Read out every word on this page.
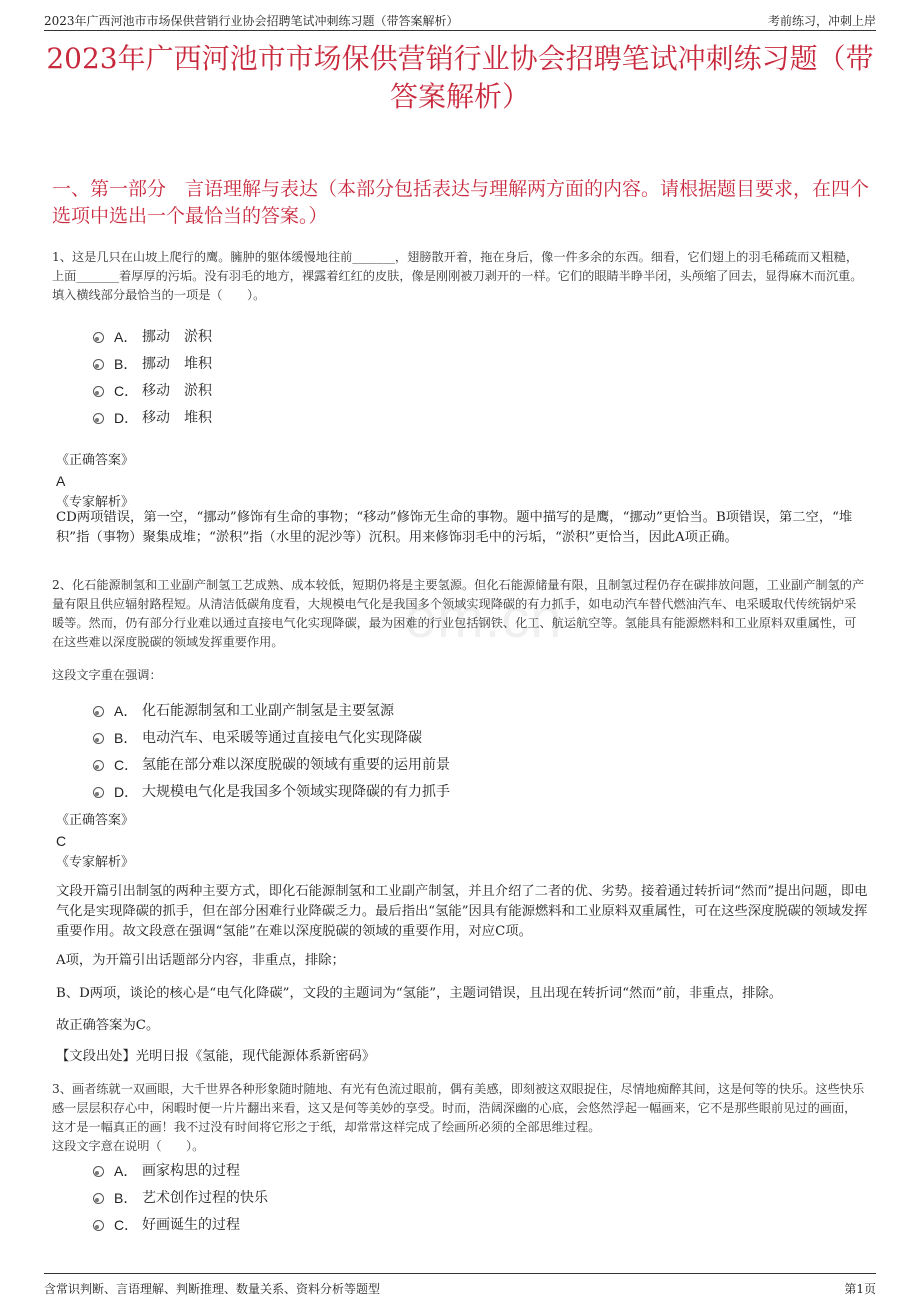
2023年广西河池市市场保供营销行业协会招聘笔试冲刺练习题（带答案解析）	考前练习，冲刺上岸
om.cn
2023年广西河池市市场保供营销行业协会招聘笔试冲刺练习题（带答案解析）
一、第一部分　言语理解与表达（本部分包括表达与理解两方面的内容。请根据题目要求，在四个选项中选出一个最恰当的答案。）

1、这是几只在山坡上爬行的鹰。臃肿的躯体缓慢地往前_______，翅膀散开着，拖在身后，像一件多余的东西。细看，它们翅上的羽毛稀疏而又粗糙，上面_______着厚厚的污垢。没有羽毛的地方，裸露着红红的皮肤，像是刚刚被刀剥开的一样。它们的眼睛半睁半闭，头颅缩了回去，显得麻木而沉重。

填入横线部分最恰当的一项是（　　）。

A． 挪动　淤积
B． 挪动　堆积
C． 移动　淤积
D． 移动　堆积
《正确答案》
A
《专家解析》
CD两项错误，第一空，“挪动”修饰有生命的事物；“移动”修饰无生命的事物。题中描写的是鹰，“挪动”更恰当。B项错误，第二空，“堆积”指（事物）聚集成堆；“淤积”指（水里的泥沙等）沉积。用来修饰羽毛中的污垢，“淤积”更恰当，因此A项正确。

2、化石能源制氢和工业副产制氢工艺成熟、成本较低，短期仍将是主要氢源。但化石能源储量有限，且制氢过程仍存在碳排放问题，工业副产制氢的产量有限且供应辐射路程短。从清洁低碳角度看，大规模电气化是我国多个领域实现降碳的有力抓手，如电动汽车替代燃油汽车、电采暖取代传统锅炉采暖等。然而，仍有部分行业难以通过直接电气化实现降碳，最为困难的行业包括钢铁、化工、航运航空等。氢能具有能源燃料和工业原料双重属性，可在这些难以深度脱碳的领域发挥重要作用。

这段文字重在强调：
A． 化石能源制氢和工业副产制氢是主要氢源
B． 电动汽车、电采暖等通过直接电气化实现降碳
C． 氢能在部分难以深度脱碳的领域有重要的运用前景
D． 大规模电气化是我国多个领域实现降碳的有力抓手
《正确答案》
C
《专家解析》
文段开篇引出制氢的两种主要方式，即化石能源制氢和工业副产制氢，并且介绍了二者的优、劣势。接着通过转折词“然而”提出问题，即电气化是实现降碳的抓手，但在部分困难行业降碳乏力。最后指出“氢能”因具有能源燃料和工业原料双重属性，可在这些深度脱碳的领域发挥重要作用。故文段意在强调“氢能”在难以深度脱碳的领域的重要作用，对应C项。
A项，为开篇引出话题部分内容，非重点，排除；
B、D两项，谈论的核心是“电气化降碳”，文段的主题词为“氢能”，主题词错误，且出现在转折词“然而”前，非重点，排除。
故正确答案为C。
【文段出处】光明日报《氢能，现代能源体系新密码》

3、画者练就一双画眼，大千世界各种形象随时随地、有光有色流过眼前，偶有美感，即刻被这双眼捉住，尽情地痴醉其间，这是何等的快乐。这些快乐感一层层积存心中，闲暇时便一片片翻出来看，这又是何等美妙的享受。时而，浩阔深幽的心底，会悠然浮起一幅画来，它不是那些眼前见过的画面，这才是一幅真正的画！我不过没有时间将它形之于纸，却常常这样完成了绘画所必须的全部思维过程。

这段文字意在说明（　　）。

A． 画家构思的过程
B． 艺术创作过程的快乐
C． 好画诞生的过程
含常识判断、言语理解、判断推理、数量关系、资料分析等题型	第1页
